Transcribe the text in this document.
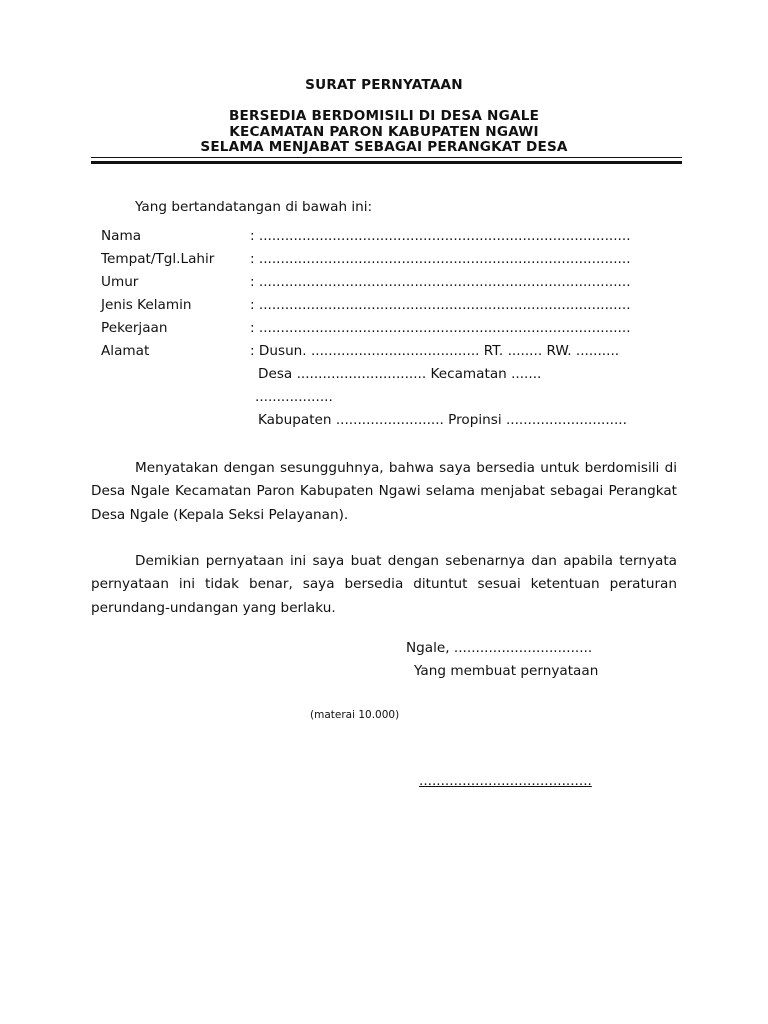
SURAT PERNYATAAN
BERSEDIA BERDOMISILI DI DESA NGALE
KECAMATAN PARON KABUPATEN NGAWI
SELAMA MENJABAT SEBAGAI PERANGKAT DESA
Yang bertandatangan di bawah ini:
Nama	: ......................................................................................
Tempat/Tgl.Lahir	: ......................................................................................
Umur	: ......................................................................................
Jenis Kelamin	: ......................................................................................
Pekerjaan	: ......................................................................................
Alamat	: Dusun. ....................................... RT. ........ RW. ..........
Desa .............................. Kecamatan .......
..................
Kabupaten ......................... Propinsi ............................
Menyatakan dengan sesungguhnya, bahwa saya bersedia untuk berdomisili di Desa Ngale Kecamatan Paron Kabupaten Ngawi selama menjabat sebagai Perangkat Desa Ngale (Kepala Seksi Pelayanan).
Demikian pernyataan ini saya buat dengan sebenarnya dan apabila ternyata pernyataan ini tidak benar, saya bersedia dituntut sesuai ketentuan peraturan perundang-undangan yang berlaku.
Ngale, ................................
Yang membuat pernyataan
(materai 10.000)
........................................
